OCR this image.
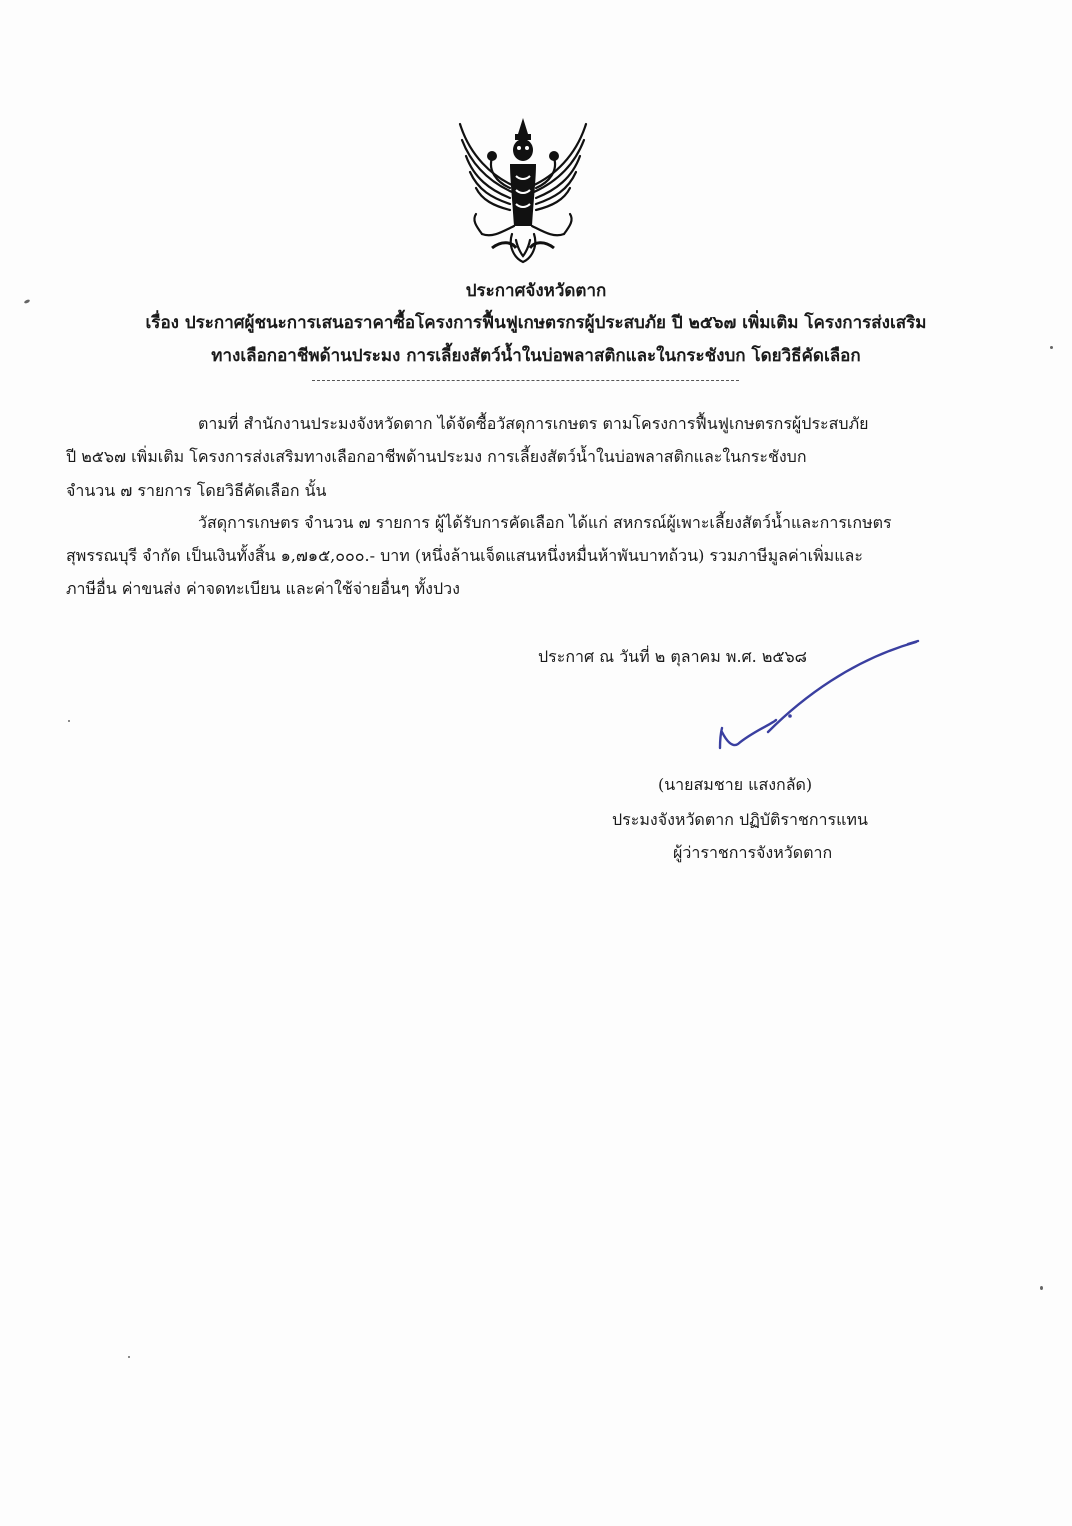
ประกาศจังหวัดตาก
เรื่อง ประกาศผู้ชนะการเสนอราคาซื้อโครงการฟื้นฟูเกษตรกรผู้ประสบภัย ปี ๒๕๖๗ เพิ่มเติม โครงการส่งเสริม
ทางเลือกอาชีพด้านประมง การเลี้ยงสัตว์น้ำในบ่อพลาสติกและในกระชังบก โดยวิธีคัดเลือก
ตามที่ สำนักงานประมงจังหวัดตาก ได้จัดซื้อวัสดุการเกษตร ตามโครงการฟื้นฟูเกษตรกรผู้ประสบภัย
ปี ๒๕๖๗ เพิ่มเติม โครงการส่งเสริมทางเลือกอาชีพด้านประมง การเลี้ยงสัตว์น้ำในบ่อพลาสติกและในกระชังบก
จำนวน ๗ รายการ โดยวิธีคัดเลือก นั้น
วัสดุการเกษตร จำนวน ๗ รายการ ผู้ได้รับการคัดเลือก ได้แก่ สหกรณ์ผู้เพาะเลี้ยงสัตว์น้ำและการเกษตร
สุพรรณบุรี จำกัด เป็นเงินทั้งสิ้น ๑,๗๑๕,๐๐๐.- บาท (หนึ่งล้านเจ็ดแสนหนึ่งหมื่นห้าพันบาทถ้วน) รวมภาษีมูลค่าเพิ่มและ
ภาษีอื่น ค่าขนส่ง ค่าจดทะเบียน และค่าใช้จ่ายอื่นๆ ทั้งปวง
ประกาศ ณ วันที่ ๒ ตุลาคม พ.ศ. ๒๕๖๘
(นายสมชาย แสงกลัด)
ประมงจังหวัดตาก ปฏิบัติราชการแทน
ผู้ว่าราชการจังหวัดตาก
